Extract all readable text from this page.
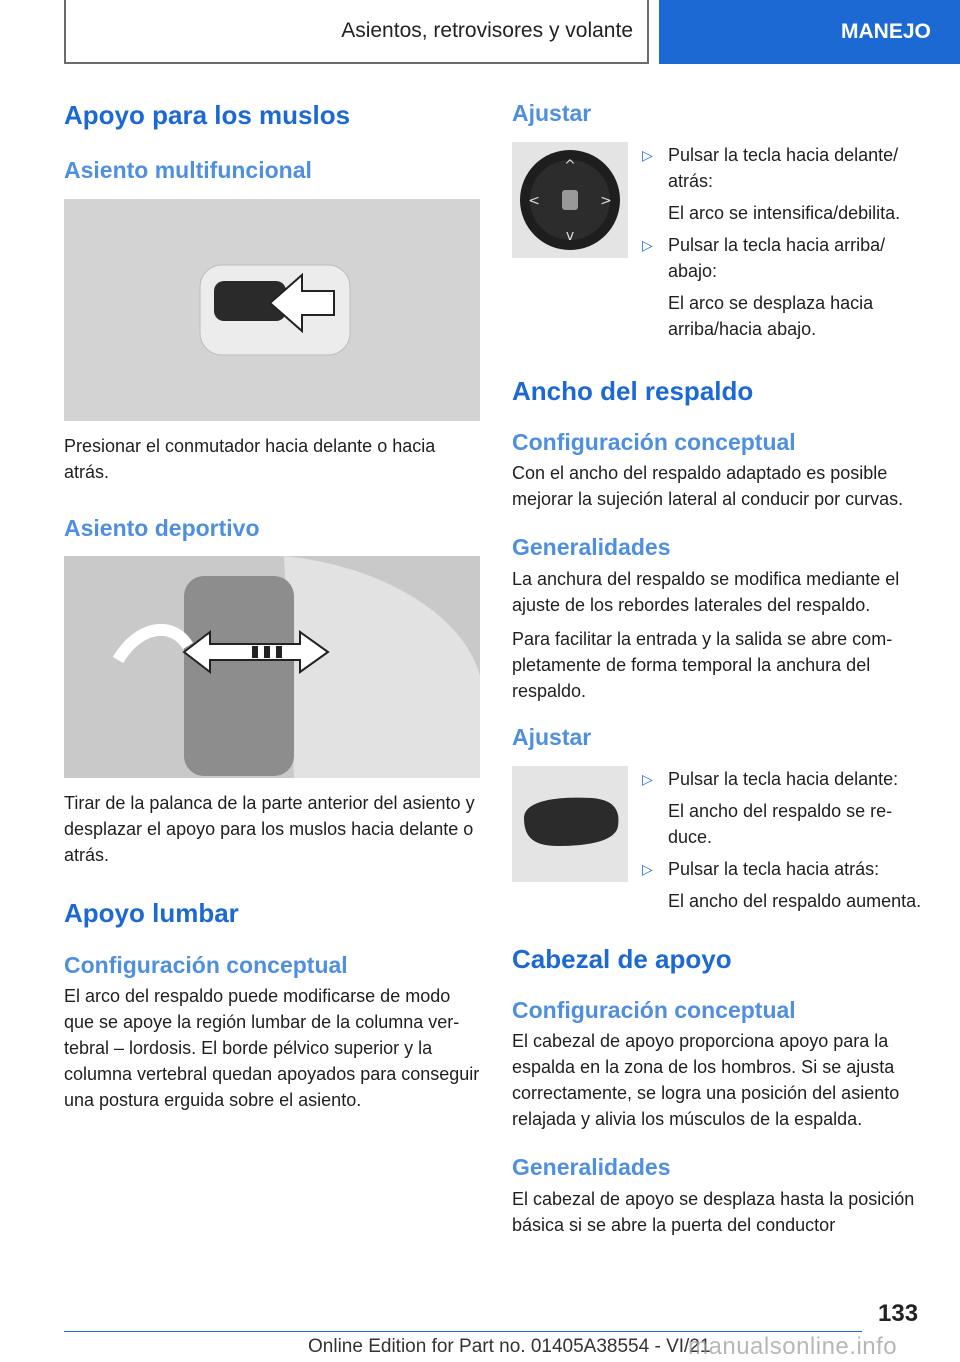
Asientos, retrovisores y volante	MANEJO
Apoyo para los muslos
Asiento multifuncional

Presionar el conmutador hacia delante o hacia atrás.

Asiento deportivo

Tirar de la palanca de la parte anterior del asiento y desplazar el apoyo para los muslos hacia delante o atrás.

Apoyo lumbar
Configuración conceptual

El arco del respaldo puede modificarse de modo que se apoye la región lumbar de la columna vertebral – lordosis. El borde pélvico superior y la columna vertebral quedan apoyados para conseguir una postura erguida sobre el asiento.

Ajustar
^
v
<	>
▷ Pulsar la tecla hacia delante/ atrás:
El arco se intensifica/debilita.
▷ Pulsar la tecla hacia arriba/ abajo:
El arco se desplaza hacia arriba/hacia abajo.
Ancho del respaldo
Configuración conceptual

Con el ancho del respaldo adaptado es posible mejorar la sujeción lateral al conducir por curvas.

Generalidades

La anchura del respaldo se modifica mediante el ajuste de los rebordes laterales del respaldo.

Para facilitar la entrada y la salida se abre completamente de forma temporal la anchura del respaldo.

Ajustar
▷ Pulsar la tecla hacia delante:
El ancho del respaldo se reduce.
▷ Pulsar la tecla hacia atrás:
El ancho del respaldo aumenta.
Cabezal de apoyo
Configuración conceptual

El cabezal de apoyo proporciona apoyo para la espalda en la zona de los hombros. Si se ajusta correctamente, se logra una posición del asiento relajada y alivia los músculos de la espalda.

Generalidades

El cabezal de apoyo se desplaza hasta la posición básica si se abre la puerta del conductor

133
Online Edition for Part no. 01405A38554 - VI/21
manualsonline.info
